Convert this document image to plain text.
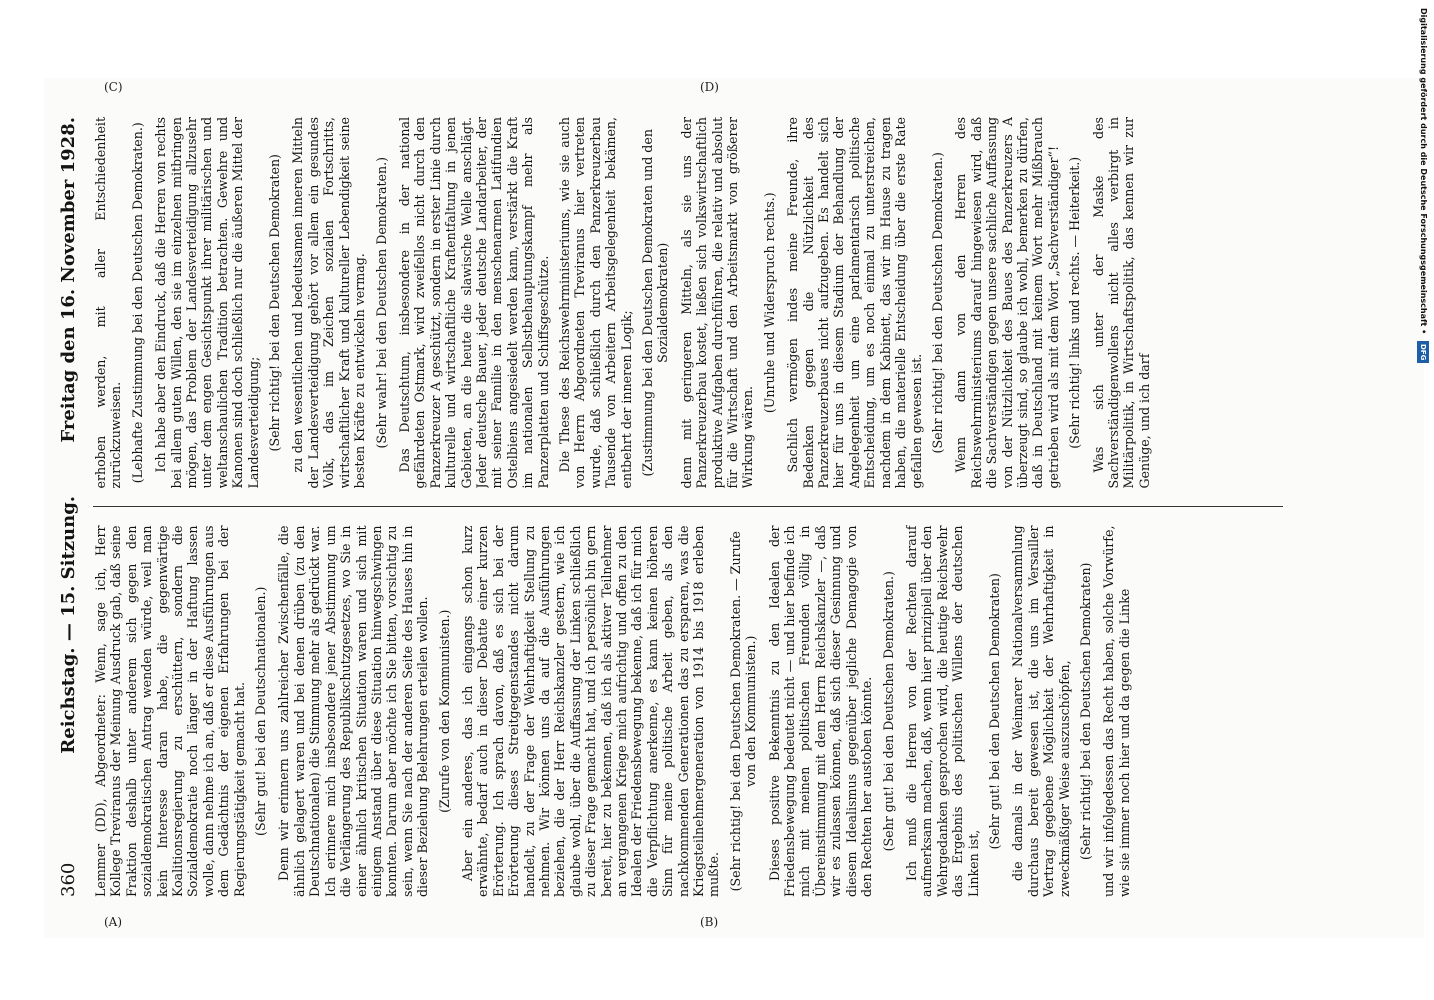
360
Reichstag. — 15. Sitzung.
Freitag den 16. November 1928.

Lemmer (DD), Abgeordneter: Wenn, sage ich, Herr Kollege Treviranus der Meinung Ausdruck gab, daß seine Fraktion deshalb unter anderem sich gegen den sozialdemokratischen Antrag wenden würde, weil man kein Interesse daran habe, die gegenwärtige Koalitionsregierung zu erschüttern, sondern die Sozialdemokratie noch länger in der Haftung lassen wolle, dann nehme ich an, daß er diese Ausführungen aus dem Gedächtnis der eigenen Erfahrungen bei der Regierungstätigkeit gemacht hat. (Sehr gut! bei den Deutschnationalen.) Denn wir erinnern uns zahlreicher Zwischenfälle, die ähnlich gelagert waren und bei denen drüben (zu den Deutschnationalen) die Stimmung mehr als gedrückt war. Ich erinnere mich insbesondere jener Abstimmung um die Verlängerung des Republikschutzgesetzes, wo Sie in einer ähnlich kritischen Situation waren und sich mit einigem Anstand über diese Situation hinwegschwingen konnten. Darum aber möchte ich Sie bitten, vorsichtig zu sein, wenn Sie nach der anderen Seite des Hauses hin in dieser Beziehung Belehrungen erteilen wollen. (Zurufe von den Kommunisten.) Aber ein anderes, das ich eingangs schon kurz erwähnte, bedarf auch in dieser Debatte einer kurzen Erörterung. Ich sprach davon, daß es sich bei der Erörterung dieses Streitgegenstandes nicht darum handelt, zu der Frage der Wehrhaftigkeit Stellung zu nehmen. Wir können uns da auf die Ausführungen beziehen, die der Herr Reichskanzler gestern, wie ich glaube wohl, über die Auffassung der Linken schließlich zu dieser Frage gemacht hat, und ich persönlich bin gern bereit, hier zu bekennen, daß ich als aktiver Teilnehmer an vergangenen Kriege mich aufrichtig und offen zu den Idealen der Friedensbewegung bekenne, daß ich für mich die Verpflichtung anerkenne, es kann keinen höheren Sinn für meine politische Arbeit geben, als den nachkommenden Generationen das zu ersparen, was die Kriegsteilnehmergeneration von 1914 bis 1918 erleben mußte. (Sehr richtig! bei den Deutschen Demokraten. — Zurufe von den Kommunisten.) Dieses positive Bekenntnis zu den Idealen der Friedensbewegung bedeutet nicht — und hier befinde ich mich mit meinen politischen Freunden völlig in Übereinstimmung mit dem Herrn Reichskanzler —, daß wir es zulassen können, daß sich dieser Gesinnung und diesem Idealismus gegenüber jegliche Demagogie von den Rechten her austoben könnte. (Sehr gut! bei den Deutschen Demokraten.) Ich muß die Herren von der Rechten darauf aufmerksam machen, daß, wenn hier prinzipiell über den Wehrgedanken gesprochen wird, die heutige Reichswehr das Ergebnis des politischen Willens der deutschen Linken ist,

(Sehr gut! bei den Deutschen Demokraten) die damals in der Weimarer Nationalversammlung durchaus bereit gewesen ist, die uns im Versailler Vertrag gegebene Möglichkeit der Wehrhaftigkeit in zweckmäßiger Weise auszuschöpfen, (Sehr richtig! bei den Deutschen Demokraten) und wir infolgedessen das Recht haben, solche Vorwürfe, wie sie immer noch hier und da gegen die Linke

erhoben werden, mit aller Entschiedenheit zurückzuweisen. (Lebhafte Zustimmung bei den Deutschen Demokraten.) Ich habe aber den Eindruck, daß die Herren von rechts bei allem guten Willen, den sie im einzelnen mitbringen mögen, das Problem der Landesverteidigung allzusehr unter dem engen Gesichtspunkt ihrer militärischen und weltanschaulichen Tradition betrachten. Gewehre und Kanonen sind doch schließlich nur die äußeren Mittel der Landesverteidigung; (Sehr richtig! bei den Deutschen Demokraten) zu den wesentlichen und bedeutsamen inneren Mitteln der Landesverteidigung gehört vor allem ein gesundes Volk, das im Zeichen sozialen Fortschritts, wirtschaftlicher Kraft und kultureller Lebendigkeit seine besten Kräfte zu entwickeln vermag. (Sehr wahr! bei den Deutschen Demokraten.) Das Deutschtum, insbesondere in der national gefährdeten Ostmark, wird zweifellos nicht durch den Panzerkreuzer A geschützt, sondern in erster Linie durch kulturelle und wirtschaftliche Kraftentfaltung in jenen Gebieten, an die heute die slawische Welle anschlägt. Jeder deutsche Bauer, jeder deutsche Landarbeiter, der mit seiner Familie in den menschenarmen Latifundien Ostelbiens angesiedelt werden kann, verstärkt die Kraft im nationalen Selbstbehauptungskampf mehr als Panzerplatten und Schiffsgeschütze. Die These des Reichswehrministeriums, wie sie auch von Herrn Abgeordneten Treviranus hier vertreten wurde, daß schließlich durch den Panzerkreuzerbau Tausende von Arbeitern Arbeitsgelegenheit bekämen, entbehrt der inneren Logik; (Zustimmung bei den Deutschen Demokraten und den Sozialdemokraten) denn mit geringeren Mitteln, als sie uns der Panzerkreuzerbau kostet, ließen sich volkswirtschaftlich produktive Aufgaben durchführen, die relativ und absolut für die Wirtschaft und den Arbeitsmarkt von größerer Wirkung wären.

(Unruhe und Widerspruch rechts.) Sachlich vermögen indes meine Freunde, ihre Bedenken gegen die Nützlichkeit des Panzerkreuzerbaues nicht aufzugeben. Es handelt sich hier für uns in diesem Stadium der Behandlung der Angelegenheit um eine parlamentarisch politische Entscheidung, um es noch einmal zu unterstreichen, nachdem in dem Kabinett, das wir im Hause zu tragen haben, die materielle Entscheidung über die erste Rate gefallen gewesen ist. (Sehr richtig! bei den Deutschen Demokraten.) Wenn dann von den Herren des Reichswehrministeriums darauf hingewiesen wird, daß die Sachverständigen gegen unsere sachliche Auffassung von der Nützlichkeit des Baues des Panzerkreuzers A überzeugt sind, so glaube ich wohl, bemerken zu dürfen, daß in Deutschland mit keinem Wort mehr Mißbrauch getrieben wird als mit dem Wort „Sachverständiger“! (Sehr richtig! links und rechts. — Heiterkeit.) Was sich unter der Maske des Sachverständigenwollens nicht alles verbirgt in Militärpolitik, in Wirtschaftspolitik, das kennen wir zur Genüge, und ich darf

(A)	(B)
(C)	(D)	Digitalisierung gefördert durch die Deutsche Forschungsgemeinschaft • DFG
